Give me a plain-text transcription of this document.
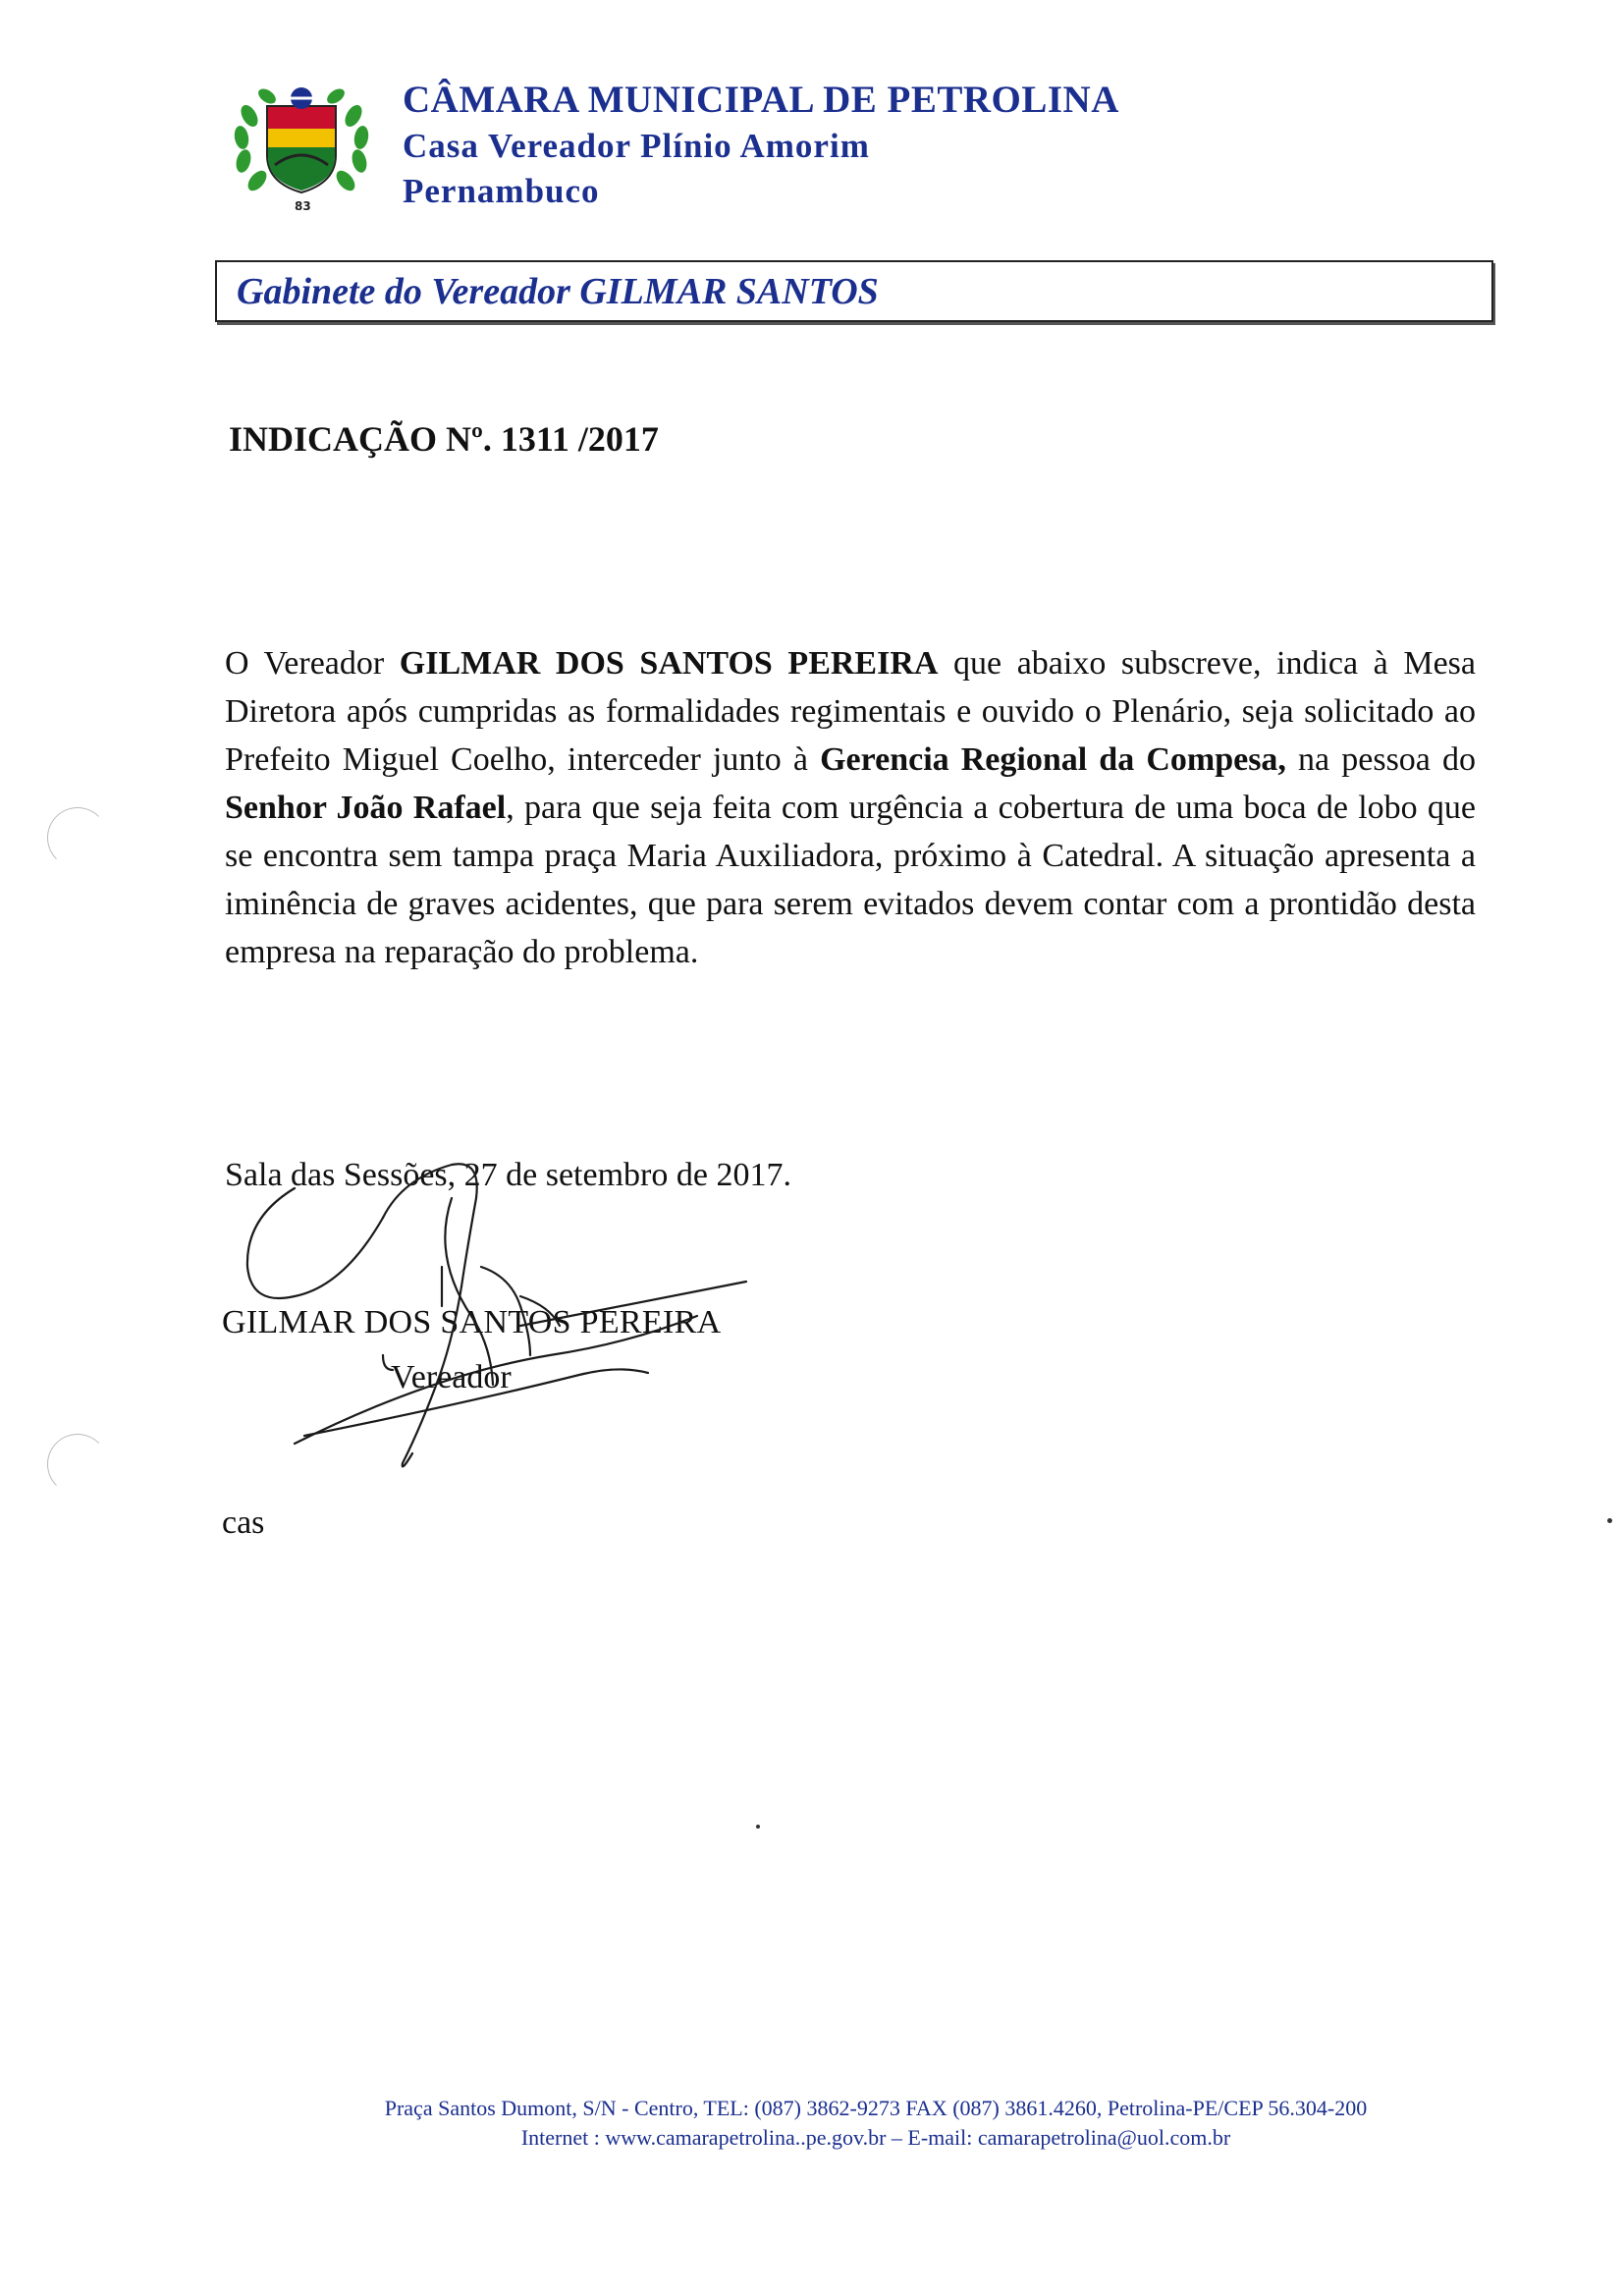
83
CÂMARA MUNICIPAL DE PETROLINA
Casa Vereador Plínio Amorim
Pernambuco
Gabinete do Vereador GILMAR SANTOS
INDICAÇÃO Nº. 1311 /2017
O Vereador GILMAR DOS SANTOS PEREIRA que abaixo subscreve, indica à Mesa Diretora após cumpridas as formalidades regimentais e ouvido o Plenário, seja solicitado ao Prefeito Miguel Coelho, interceder junto à Gerencia Regional da Compesa, na pessoa do Senhor João Rafael, para que seja feita com urgência a cobertura de uma boca de lobo que se encontra sem tampa praça Maria Auxiliadora, próximo à Catedral. A situação apresenta a iminência de graves acidentes, que para serem evitados devem contar com a prontidão desta empresa na reparação do problema.
Sala das Sessões, 27 de setembro de 2017.
GILMAR DOS SANTOS PEREIRA
Vereador
cas
Praça Santos Dumont, S/N - Centro, TEL: (087) 3862-9273 FAX (087) 3861.4260, Petrolina-PE/CEP 56.304-200
Internet : www.camarapetrolina..pe.gov.br – E-mail: camarapetrolina@uol.com.br
